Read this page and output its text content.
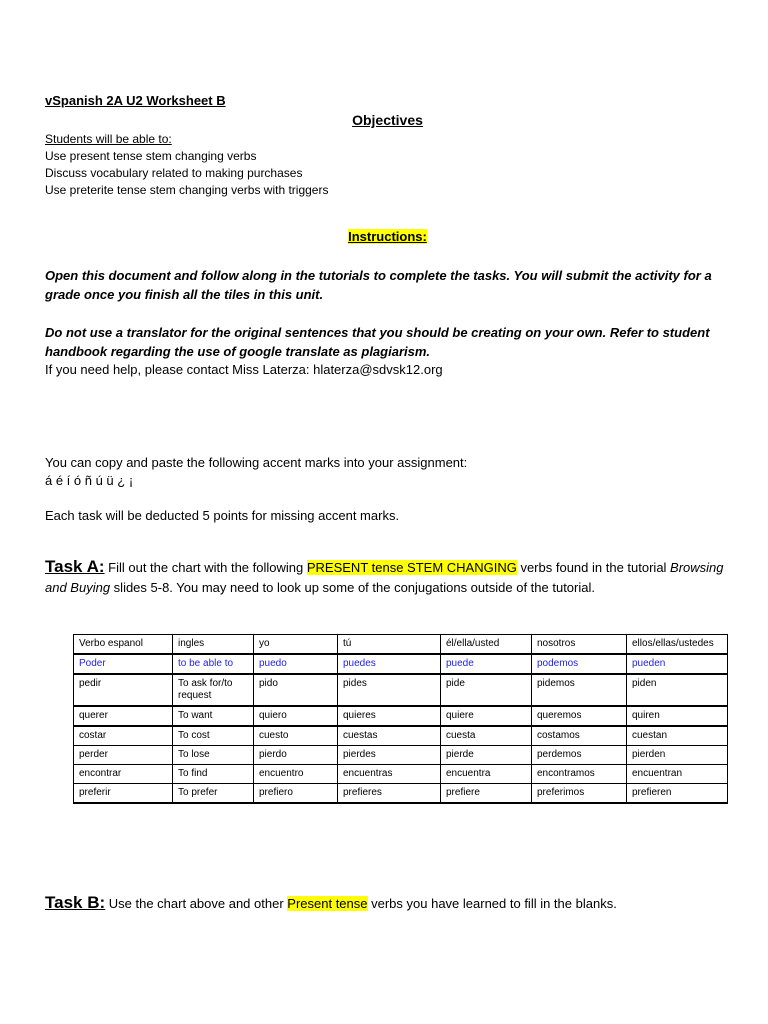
vSpanish 2A U2 Worksheet B

Objectives

Students will be able to:
Use present tense stem changing verbs
Discuss vocabulary related to making purchases
Use preterite tense stem changing verbs with triggers
Instructions:

Open this document and follow along in the tutorials to complete the tasks. You will submit the activity for a grade once you finish all the tiles in this unit.

Do not use a translator for the original sentences that you should be creating on your own. Refer to student handbook regarding the use of google translate as plagiarism.

If you need help, please contact Miss Laterza: hlaterza@sdvsk12.org

You can copy and paste the following accent marks into your assignment:

á é í ó ñ ú ü ¿ ¡

Each task will be deducted 5 points for missing accent marks.

Task A: Fill out the chart with the following PRESENT tense STEM CHANGING verbs found in the tutorial Browsing and Buying slides 5-8. You may need to look up some of the conjugations outside of the tutorial.

Verbo espanol	ingles	yo	tú	él/ella/usted	nosotros	ellos/ellas/ustedes
Poder	to be able to	puedo	puedes	puede	podemos	pueden
pedir	To ask for/to request	pido	pides	pide	pidemos	piden
querer	To want	quiero	quieres	quiere	queremos	quiren
costar	To cost	cuesto	cuestas	cuesta	costamos	cuestan
perder	To lose	pierdo	pierdes	pierde	perdemos	pierden
encontrar	To find	encuentro	encuentras	encuentra	encontramos	encuentran
preferir	To prefer	prefiero	prefieres	prefiere	preferimos	prefieren

Task B: Use the chart above and other Present tense verbs you have learned to fill in the blanks.
